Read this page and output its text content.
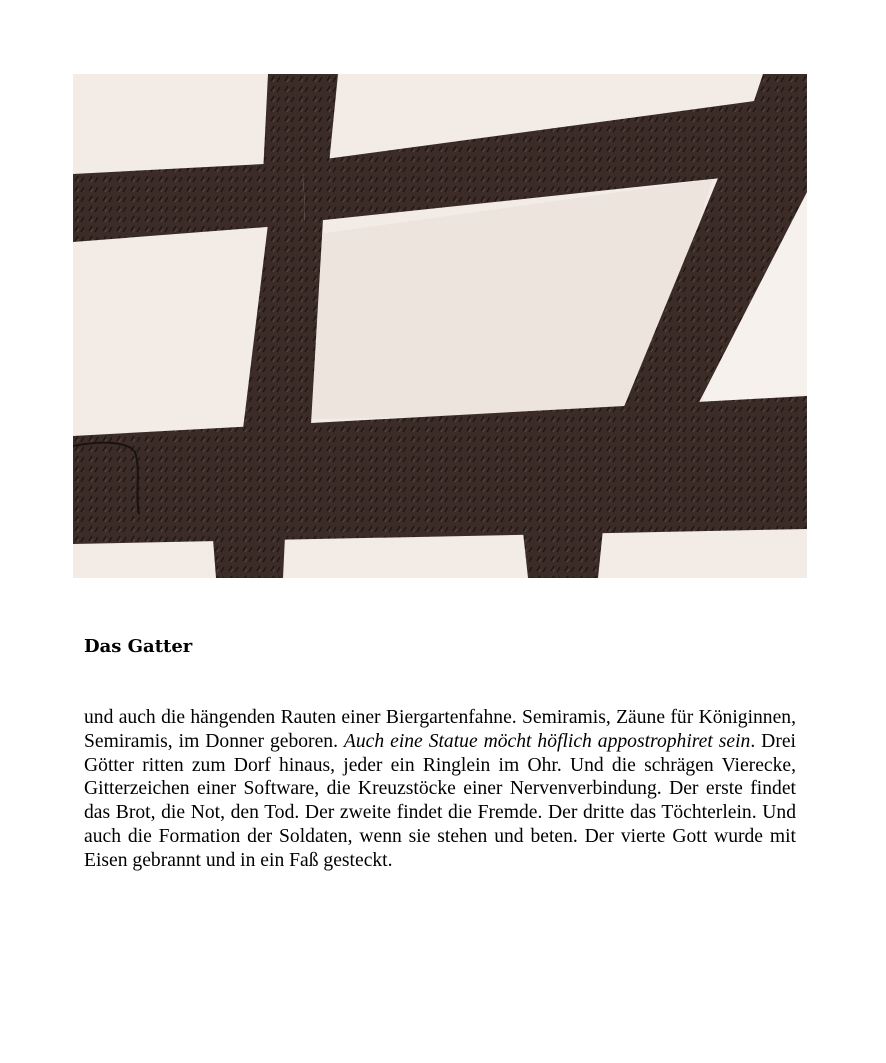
Das Gatter

und auch die hängenden Rauten einer Biergartenfahne. Semiramis, Zäune für Königinnen, Semiramis, im Donner geboren. Auch eine Statue möcht höflich appostrophiret sein. Drei Götter ritten zum Dorf hinaus, jeder ein Ringlein im Ohr. Und die schrägen Vierecke, Gitterzeichen einer Software, die Kreuzstöcke einer Nervenverbindung. Der erste findet das Brot, die Not, den Tod. Der zweite findet die Fremde. Der dritte das Töchterlein. Und auch die Formation der Soldaten, wenn sie stehen und beten. Der vierte Gott wurde mit Eisen gebrannt und in ein Faß gesteckt.
